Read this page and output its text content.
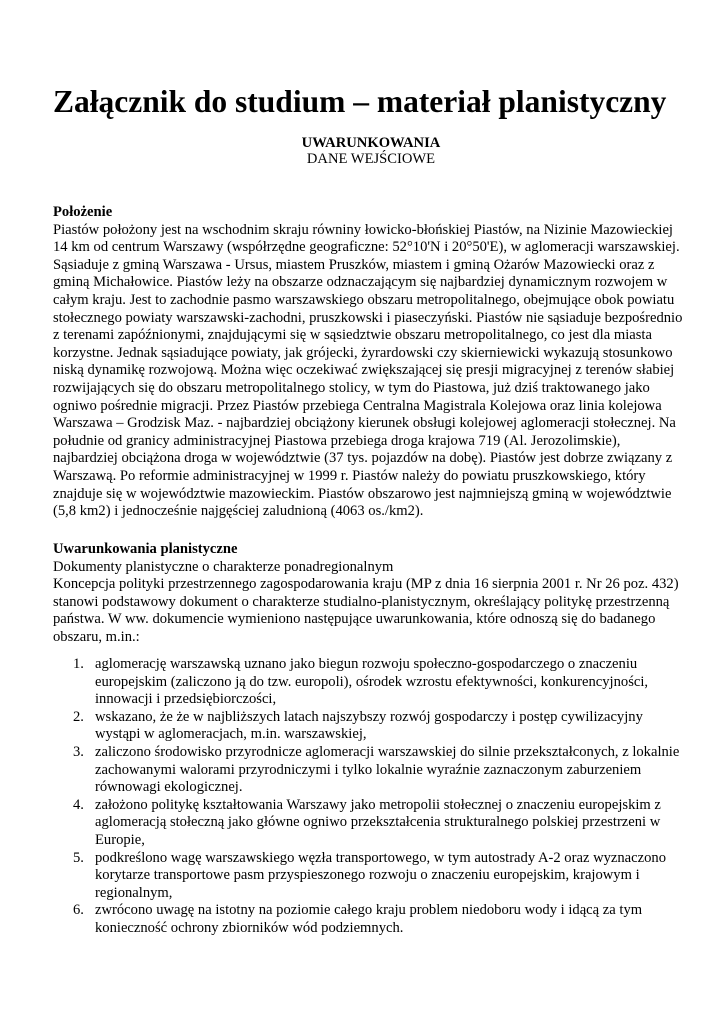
Załącznik do studium – materiał planistyczny

UWARUNKOWANIA

DANE WEJŚCIOWE

Położenie

Piastów położony jest na wschodnim skraju równiny łowicko-błońskiej Piastów, na Nizinie Mazowieckiej 14 km od centrum Warszawy (współrzędne geograficzne: 52°10'N i 20°50'E), w aglomeracji warszawskiej. Sąsiaduje z gminą Warszawa - Ursus, miastem Pruszków, miastem i gminą Ożarów Mazowiecki oraz z gminą Michałowice. Piastów leży na obszarze odznaczającym się najbardziej dynamicznym rozwojem w całym kraju. Jest to zachodnie pasmo warszawskiego obszaru metropolitalnego, obejmujące obok powiatu stołecznego powiaty warszawski-zachodni, pruszkowski i piaseczyński. Piastów nie sąsiaduje bezpośrednio z terenami zapóźnionymi, znajdującymi się w sąsiedztwie obszaru metropolitalnego, co jest dla miasta korzystne. Jednak sąsiadujące powiaty, jak grójecki, żyrardowski czy skierniewicki wykazują stosunkowo niską dynamikę rozwojową. Można więc oczekiwać zwiększającej się presji migracyjnej z terenów słabiej rozwijających się do obszaru metropolitalnego stolicy, w tym do Piastowa, już dziś traktowanego jako ogniwo pośrednie migracji. Przez Piastów przebiega Centralna Magistrala Kolejowa oraz linia kolejowa Warszawa – Grodzisk Maz. - najbardziej obciążony kierunek obsługi kolejowej aglomeracji stołecznej. Na południe od granicy administracyjnej Piastowa przebiega droga krajowa 719 (Al. Jerozolimskie), najbardziej obciążona droga w województwie (37 tys. pojazdów na dobę). Piastów jest dobrze związany z Warszawą. Po reformie administracyjnej w 1999 r. Piastów należy do powiatu pruszkowskiego, który znajduje się w województwie mazowieckim. Piastów obszarowo jest najmniejszą gminą w województwie (5,8 km2) i jednocześnie najgęściej zaludnioną (4063 os./km2).

Uwarunkowania planistyczne

Dokumenty planistyczne o charakterze ponadregionalnym

Koncepcja polityki przestrzennego zagospodarowania kraju (MP z dnia 16 sierpnia 2001 r. Nr 26 poz. 432) stanowi podstawowy dokument o charakterze studialno-planistycznym, określający politykę przestrzenną państwa. W ww. dokumencie wymieniono następujące uwarunkowania, które odnoszą się do badanego obszaru, m.in.:

1. aglomerację warszawską uznano jako biegun rozwoju społeczno-gospodarczego o znaczeniu europejskim (zaliczono ją do tzw. europoli), ośrodek wzrostu efektywności, konkurencyjności, innowacji i przedsiębiorczości,
2. wskazano, że że w najbliższych latach najszybszy rozwój gospodarczy i postęp cywilizacyjny wystąpi w aglomeracjach, m.in. warszawskiej,
3. zaliczono środowisko przyrodnicze aglomeracji warszawskiej do silnie przekształconych, z lokalnie zachowanymi walorami przyrodniczymi i tylko lokalnie wyraźnie zaznaczonym zaburzeniem równowagi ekologicznej.
4. założono politykę kształtowania Warszawy jako metropolii stołecznej o znaczeniu europejskim z aglomeracją stołeczną jako główne ogniwo przekształcenia strukturalnego polskiej przestrzeni w Europie,
5. podkreślono wagę warszawskiego węzła transportowego, w tym autostrady A-2 oraz wyznaczono korytarze transportowe pasm przyspieszonego rozwoju o znaczeniu europejskim, krajowym i regionalnym,
6. zwrócono uwagę na istotny na poziomie całego kraju problem niedoboru wody i idącą za tym konieczność ochrony zbiorników wód podziemnych.
